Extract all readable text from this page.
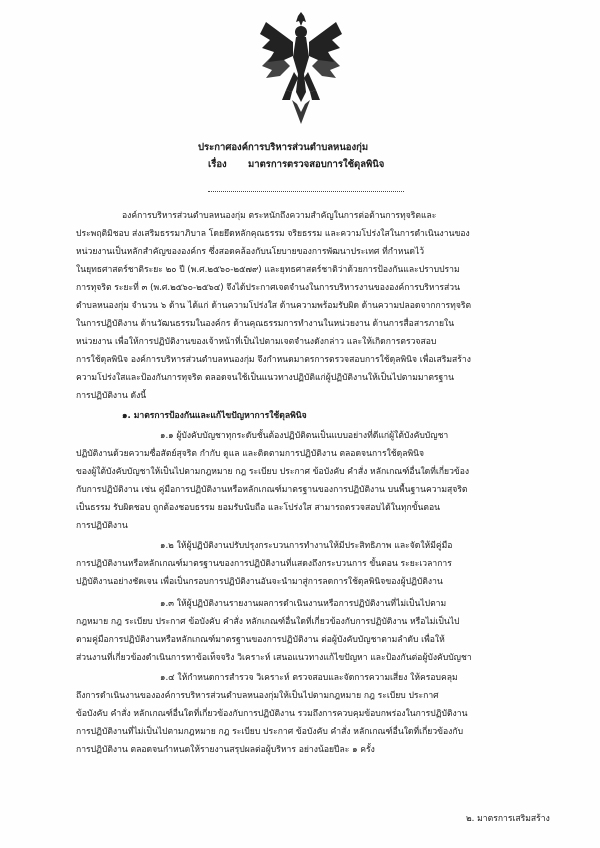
ประกาศองค์การบริหารส่วนตำบลหนองกุ่ม
เรื่อง มาตรการตรวจสอบการใช้ดุลพินิจ
องค์การบริหารส่วนตำบลหนองกุ่ม ตระหนักถึงความสำคัญในการต่อต้านการทุจริตและ
ประพฤติมิชอบ ส่งเสริมธรรมาภิบาล โดยยึดหลักคุณธรรม จริยธรรม และความโปร่งใสในการดำเนินงานของ
หน่วยงานเป็นหลักสำคัญขององค์กร ซึ่งสอดคล้องกับนโยบายของการพัฒนาประเทศ ที่กำหนดไว้
ในยุทธศาสตร์ชาติระยะ ๒๐ ปี (พ.ศ.๒๕๖๐-๒๕๗๙) และยุทธศาสตร์ชาติว่าด้วยการป้องกันและปราบปราม
การทุจริต ระยะที่ ๓ (พ.ศ.๒๕๖๐-๒๕๖๔) จึงได้ประกาศเจตจำนงในการบริหารงานขององค์การบริหารส่วน
ตำบลหนองกุ่ม จำนวน ๖ ด้าน ได้แก่ ด้านความโปร่งใส ด้านความพร้อมรับผิด ด้านความปลอดจากการทุจริต
ในการปฏิบัติงาน ด้านวัฒนธรรมในองค์กร ด้านคุณธรรมการทำงานในหน่วยงาน ด้านการสื่อสารภายใน
หน่วยงาน เพื่อให้การปฏิบัติงานของเจ้าหน้าที่เป็นไปตามเจตจำนงดังกล่าว และให้เกิดการตรวจสอบ
การใช้ดุลพินิจ องค์การบริหารส่วนตำบลหนองกุ่ม จึงกำหนดมาตรการตรวจสอบการใช้ดุลพินิจ เพื่อเสริมสร้าง
ความโปร่งใสและป้องกันการทุจริต ตลอดจนใช้เป็นแนวทางปฏิบัติแก่ผู้ปฏิบัติงานให้เป็นไปตามมาตรฐาน
การปฏิบัติงาน ดังนี้
๑. มาตรการป้องกันและแก้ไขปัญหาการใช้ดุลพินิจ
๑.๑ ผู้บังคับบัญชาทุกระดับชั้นต้องปฏิบัติตนเป็นแบบอย่างที่ดีแก่ผู้ใต้บังคับบัญชา
ปฏิบัติงานด้วยความซื่อสัตย์สุจริต กำกับ ดูแล และติดตามการปฏิบัติงาน ตลอดจนการใช้ดุลพินิจ
ของผู้ใต้บังคับบัญชาให้เป็นไปตามกฎหมาย กฎ ระเบียบ ประกาศ ข้อบังคับ คำสั่ง หลักเกณฑ์อื่นใดที่เกี่ยวข้อง
กับการปฏิบัติงาน เช่น คู่มือการปฏิบัติงานหรือหลักเกณฑ์มาตรฐานของการปฏิบัติงาน บนพื้นฐานความสุจริต
เป็นธรรม รับผิดชอบ ถูกต้องชอบธรรม ยอมรับนับถือ และโปร่งใส สามารถตรวจสอบได้ในทุกขั้นตอน
การปฏิบัติงาน
๑.๒ ให้ผู้ปฏิบัติงานปรับปรุงกระบวนการทำงานให้มีประสิทธิภาพ และจัดให้มีคู่มือ
การปฏิบัติงานหรือหลักเกณฑ์มาตรฐานของการปฏิบัติงานที่แสดงถึงกระบวนการ ขั้นตอน ระยะเวลาการ
ปฏิบัติงานอย่างชัดเจน เพื่อเป็นกรอบการปฏิบัติงานอันจะนำมาสู่การลดการใช้ดุลพินิจของผู้ปฏิบัติงาน
๑.๓ ให้ผู้ปฏิบัติงานรายงานผลการดำเนินงานหรือการปฏิบัติงานที่ไม่เป็นไปตาม
กฎหมาย กฎ ระเบียบ ประกาศ ข้อบังคับ คำสั่ง หลักเกณฑ์อื่นใดที่เกี่ยวข้องกับการปฏิบัติงาน หรือไม่เป็นไป
ตามคู่มือการปฏิบัติงานหรือหลักเกณฑ์มาตรฐานของการปฏิบัติงาน ต่อผู้บังคับบัญชาตามลำดับ เพื่อให้
ส่วนงานที่เกี่ยวข้องดำเนินการหาข้อเท็จจริง วิเคราะห์ เสนอแนวทางแก้ไขปัญหา และป้องกันต่อผู้บังคับบัญชา
๑.๔ ให้กำหนดการสำรวจ วิเคราะห์ ตรวจสอบและจัดการความเสี่ยง ให้ครอบคลุม
ถึงการดำเนินงานขององค์การบริหารส่วนตำบลหนองกุ่มให้เป็นไปตามกฎหมาย กฎ ระเบียบ ประกาศ
ข้อบังคับ คำสั่ง หลักเกณฑ์อื่นใดที่เกี่ยวข้องกับการปฏิบัติงาน รวมถึงการควบคุมข้อบกพร่องในการปฏิบัติงาน
การปฏิบัติงานที่ไม่เป็นไปตามกฎหมาย กฎ ระเบียบ ประกาศ ข้อบังคับ คำสั่ง หลักเกณฑ์อื่นใดที่เกี่ยวข้องกับ
การปฏิบัติงาน ตลอดจนกำหนดให้รายงานสรุปผลต่อผู้บริหาร อย่างน้อยปีละ ๑ ครั้ง
๒. มาตรการเสริมสร้าง
